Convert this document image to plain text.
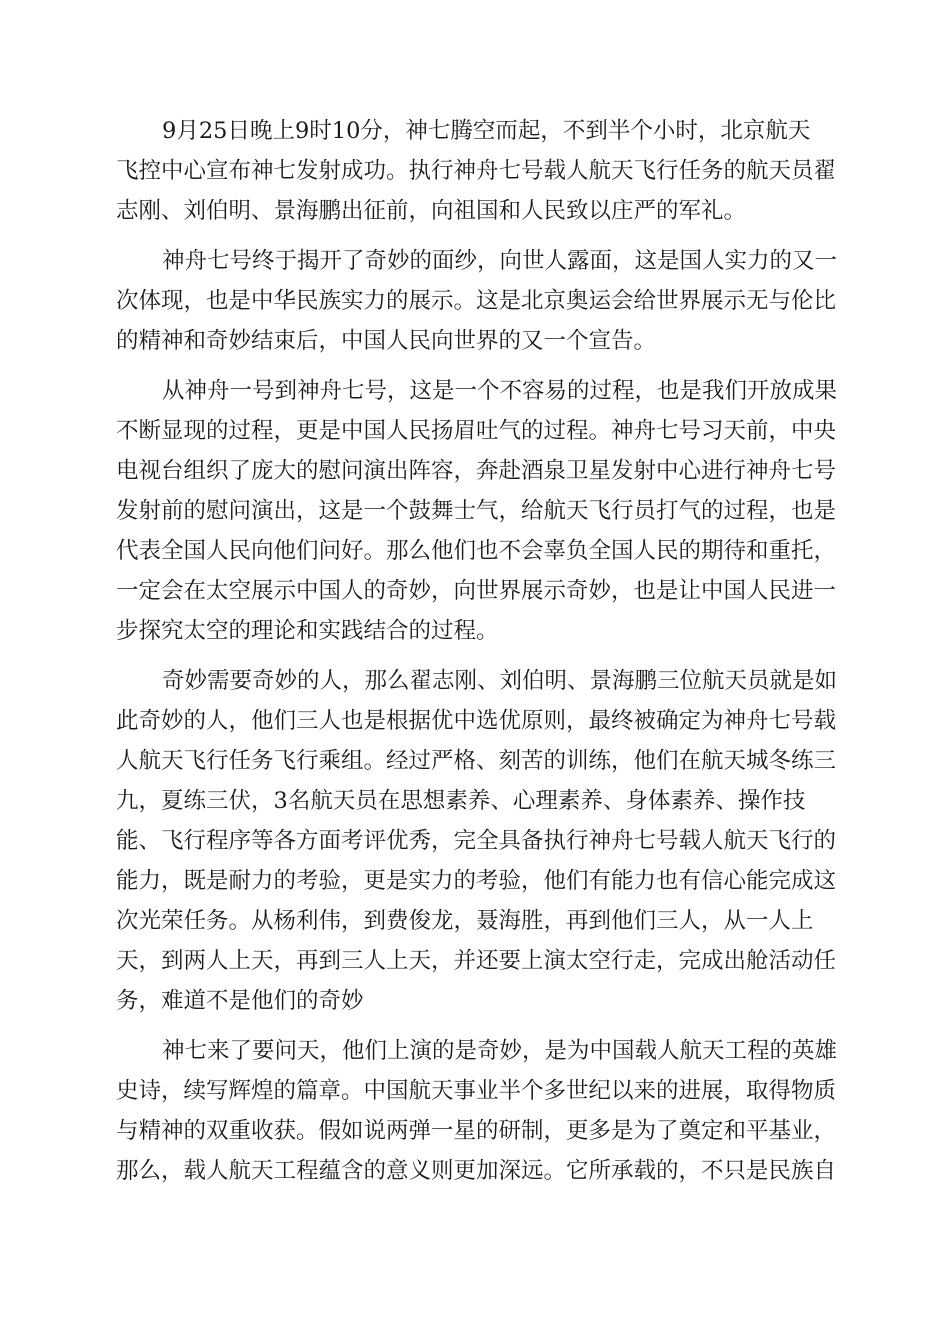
9月25日晚上9时10分，神七腾空而起，不到半个小时，北京航天

飞控中心宣布神七发射成功。执行神舟七号载人航天飞行任务的航天员翟

志刚、刘伯明、景海鹏出征前，向祖国和人民致以庄严的军礼。

神舟七号终于揭开了奇妙的面纱，向世人露面，这是国人实力的又一

次体现，也是中华民族实力的展示。这是北京奥运会给世界展示无与伦比

的精神和奇妙结束后，中国人民向世界的又一个宣告。

从神舟一号到神舟七号，这是一个不容易的过程，也是我们开放成果

不断显现的过程，更是中国人民扬眉吐气的过程。神舟七号习天前，中央

电视台组织了庞大的慰问演出阵容，奔赴酒泉卫星发射中心进行神舟七号

发射前的慰问演出，这是一个鼓舞士气，给航天飞行员打气的过程，也是

代表全国人民向他们问好。那么他们也不会辜负全国人民的期待和重托，

一定会在太空展示中国人的奇妙，向世界展示奇妙，也是让中国人民进一

步探究太空的理论和实践结合的过程。

奇妙需要奇妙的人，那么翟志刚、刘伯明、景海鹏三位航天员就是如

此奇妙的人，他们三人也是根据优中选优原则，最终被确定为神舟七号载

人航天飞行任务飞行乘组。经过严格、刻苦的训练，他们在航天城冬练三

九，夏练三伏，3名航天员在思想素养、心理素养、身体素养、操作技

能、飞行程序等各方面考评优秀，完全具备执行神舟七号载人航天飞行的

能力，既是耐力的考验，更是实力的考验，他们有能力也有信心能完成这

次光荣任务。从杨利伟，到费俊龙，聂海胜，再到他们三人，从一人上

天，到两人上天，再到三人上天，并还要上演太空行走，完成出舱活动任

务，难道不是他们的奇妙

神七来了要问天，他们上演的是奇妙，是为中国载人航天工程的英雄

史诗，续写辉煌的篇章。中国航天事业半个多世纪以来的进展，取得物质

与精神的双重收获。假如说两弹一星的研制，更多是为了奠定和平基业，

那么，载人航天工程蕴含的意义则更加深远。它所承载的，不只是民族自
